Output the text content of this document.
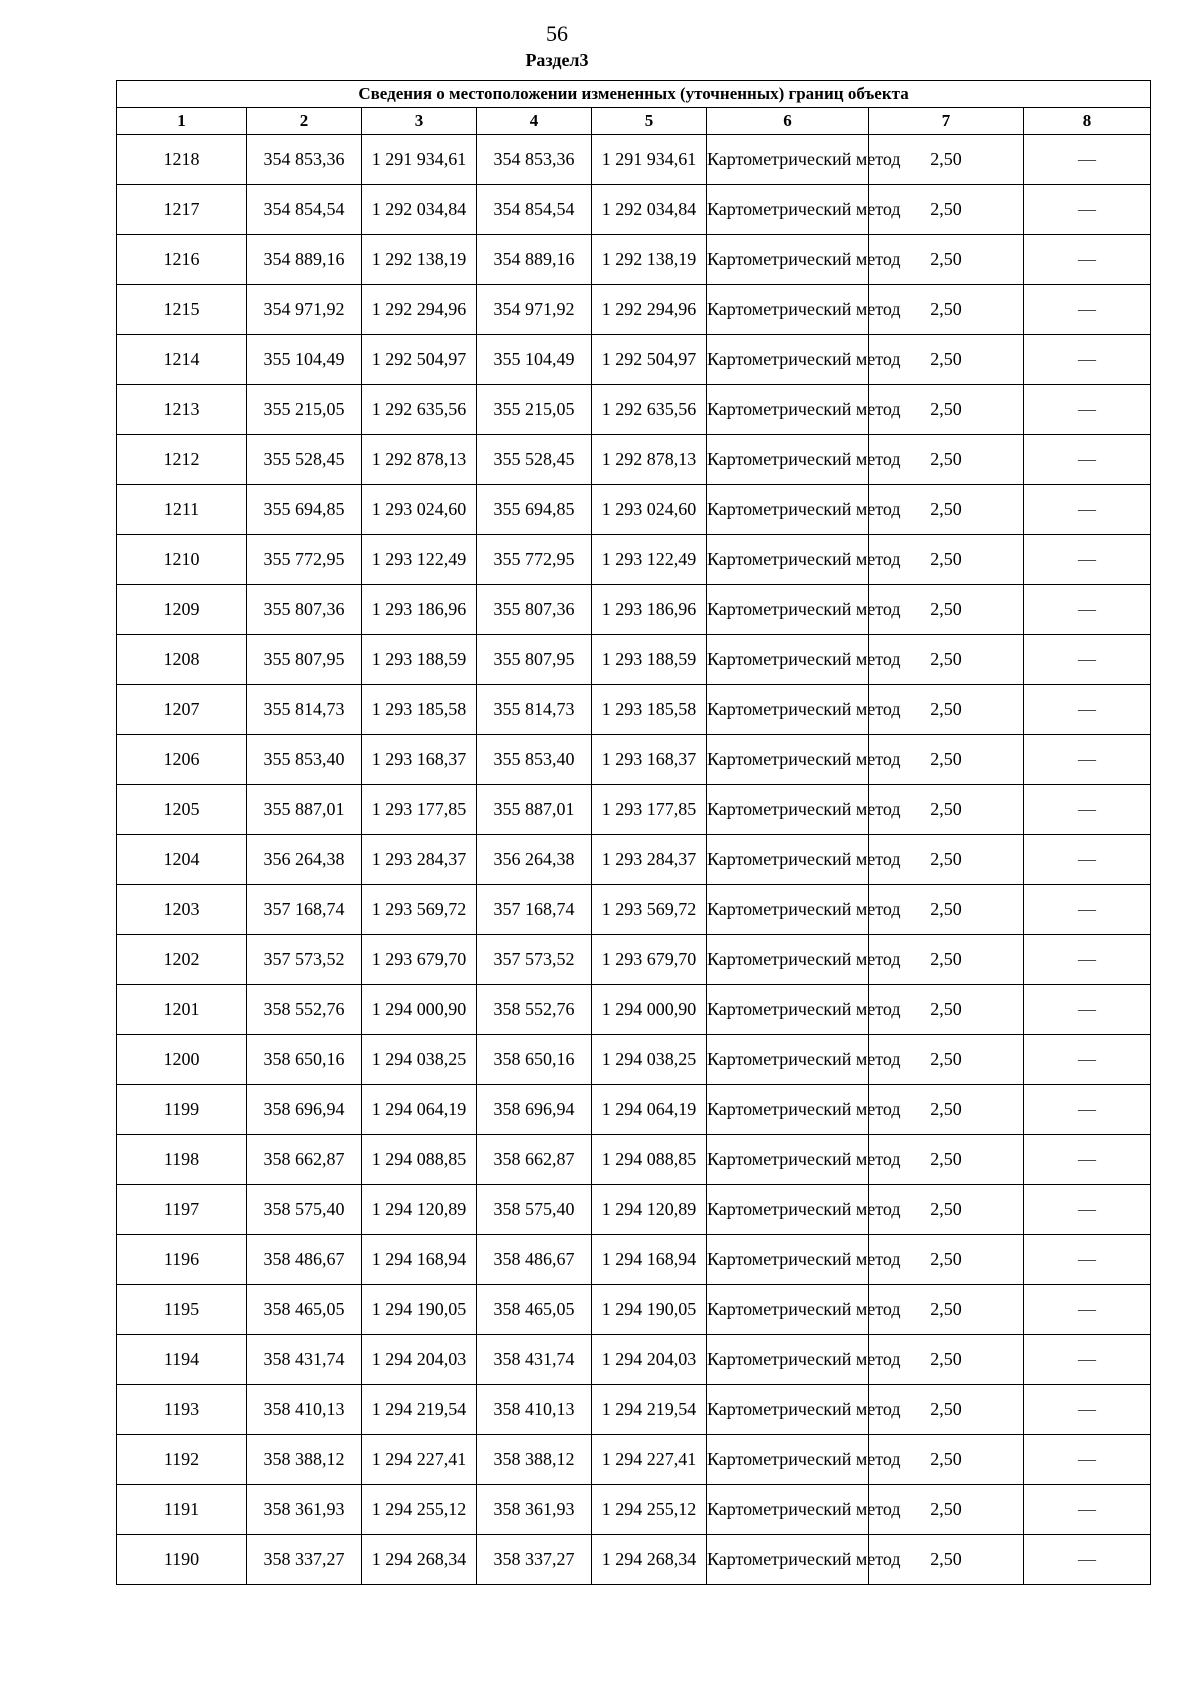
56
Раздел3
Сведения о местоположении измененных (уточненных) границ объекта							
1	2	3	4	5	6	7	8
1218	354 853,36	1 291 934,61	354 853,36	1 291 934,61	Картометрический метод	2,50	—
1217	354 854,54	1 292 034,84	354 854,54	1 292 034,84	Картометрический метод	2,50	—
1216	354 889,16	1 292 138,19	354 889,16	1 292 138,19	Картометрический метод	2,50	—
1215	354 971,92	1 292 294,96	354 971,92	1 292 294,96	Картометрический метод	2,50	—
1214	355 104,49	1 292 504,97	355 104,49	1 292 504,97	Картометрический метод	2,50	—
1213	355 215,05	1 292 635,56	355 215,05	1 292 635,56	Картометрический метод	2,50	—
1212	355 528,45	1 292 878,13	355 528,45	1 292 878,13	Картометрический метод	2,50	—
1211	355 694,85	1 293 024,60	355 694,85	1 293 024,60	Картометрический метод	2,50	—
1210	355 772,95	1 293 122,49	355 772,95	1 293 122,49	Картометрический метод	2,50	—
1209	355 807,36	1 293 186,96	355 807,36	1 293 186,96	Картометрический метод	2,50	—
1208	355 807,95	1 293 188,59	355 807,95	1 293 188,59	Картометрический метод	2,50	—
1207	355 814,73	1 293 185,58	355 814,73	1 293 185,58	Картометрический метод	2,50	—
1206	355 853,40	1 293 168,37	355 853,40	1 293 168,37	Картометрический метод	2,50	—
1205	355 887,01	1 293 177,85	355 887,01	1 293 177,85	Картометрический метод	2,50	—
1204	356 264,38	1 293 284,37	356 264,38	1 293 284,37	Картометрический метод	2,50	—
1203	357 168,74	1 293 569,72	357 168,74	1 293 569,72	Картометрический метод	2,50	—
1202	357 573,52	1 293 679,70	357 573,52	1 293 679,70	Картометрический метод	2,50	—
1201	358 552,76	1 294 000,90	358 552,76	1 294 000,90	Картометрический метод	2,50	—
1200	358 650,16	1 294 038,25	358 650,16	1 294 038,25	Картометрический метод	2,50	—
1199	358 696,94	1 294 064,19	358 696,94	1 294 064,19	Картометрический метод	2,50	—
1198	358 662,87	1 294 088,85	358 662,87	1 294 088,85	Картометрический метод	2,50	—
1197	358 575,40	1 294 120,89	358 575,40	1 294 120,89	Картометрический метод	2,50	—
1196	358 486,67	1 294 168,94	358 486,67	1 294 168,94	Картометрический метод	2,50	—
1195	358 465,05	1 294 190,05	358 465,05	1 294 190,05	Картометрический метод	2,50	—
1194	358 431,74	1 294 204,03	358 431,74	1 294 204,03	Картометрический метод	2,50	—
1193	358 410,13	1 294 219,54	358 410,13	1 294 219,54	Картометрический метод	2,50	—
1192	358 388,12	1 294 227,41	358 388,12	1 294 227,41	Картометрический метод	2,50	—
1191	358 361,93	1 294 255,12	358 361,93	1 294 255,12	Картометрический метод	2,50	—
1190	358 337,27	1 294 268,34	358 337,27	1 294 268,34	Картометрический метод	2,50	—
